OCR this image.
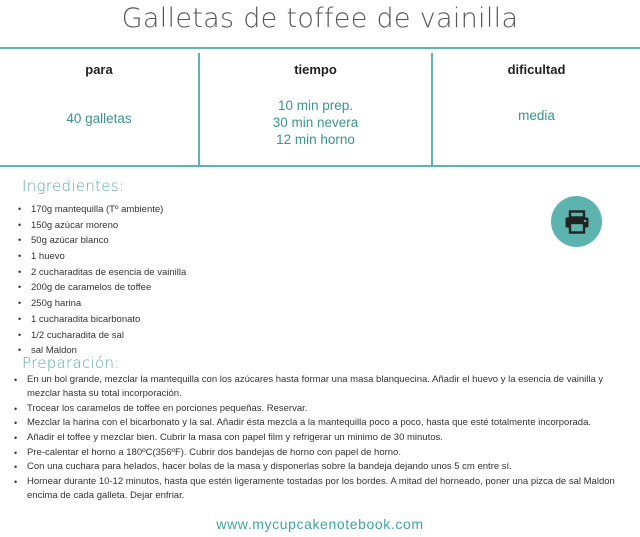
Galletas de toffee de vainilla
para
40 galletas
tiempo
10 min prep.
30 min nevera
12 min horno
dificultad
media
Ingredientes:
• 170g mantequilla (Tº ambiente)
• 150g azúcar moreno
• 50g azúcar blanco
• 1 huevo
• 2 cucharaditas de esencia de vainilla
• 200g de caramelos de toffee
• 250g harina
• 1 cucharadita bicarbonato
• 1/2 cucharadita de sal
• sal Maldon
Preparación:
• En un bol grande, mezclar la mantequilla con los azúcares hasta formar una masa blanquecina. Añadir el huevo y la esencia de vainilla y mezclar hasta su total incorporación.
• Trocear los caramelos de toffee en porciones pequeñas. Reservar.
• Mezclar la harina con el bicarbonato y la sal. Añadir ésta mezcla a la mantequilla poco a poco, hasta que esté totalmente incorporada.
• Añadir el toffee y mezclar bien. Cubrir la masa con papel film y refrigerar un minimo de 30 minutos.
• Pre-calentar el horno a 180ºC(356ºF). Cubrir dos bandejas de horno con papel de horno.
• Con una cuchara para helados, hacer bolas de la masa y disponerlas sobre la bandeja dejando unos 5 cm entre sí.
• Hornear durante 10-12 minutos, hasta que estén ligeramente tostadas por los bordes. A mitad del horneado, poner una pizca de sal Maldon encima de cada galleta. Dejar enfriar.
www.mycupcakenotebook.com
